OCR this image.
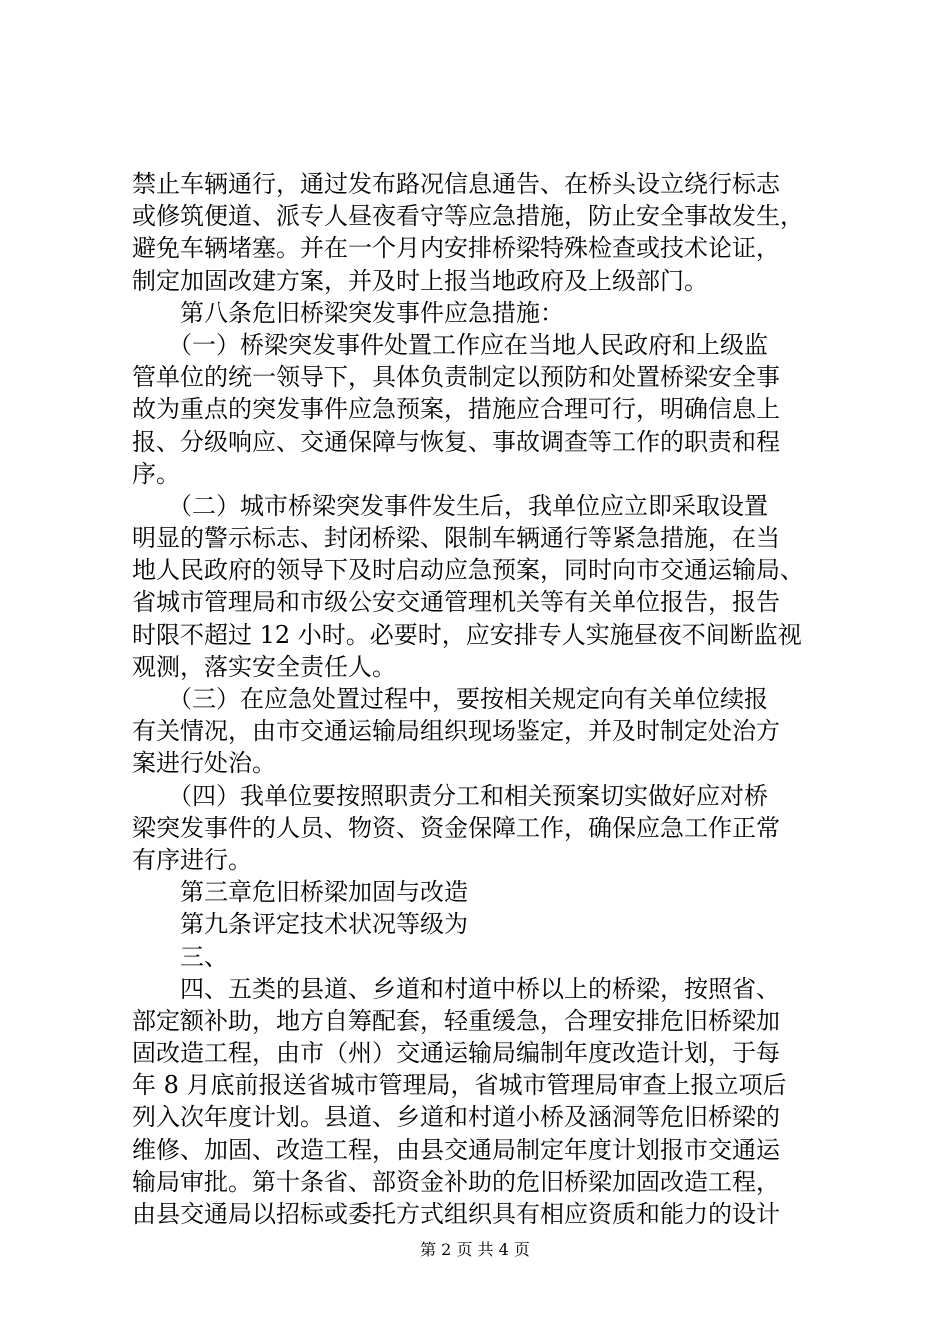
禁止车辆通行，通过发布路况信息通告、在桥头设立绕行标志
或修筑便道、派专人昼夜看守等应急措施，防止安全事故发生，
避免车辆堵塞。并在一个月内安排桥梁特殊检查或技术论证，
制定加固改建方案，并及时上报当地政府及上级部门。
　　第八条危旧桥梁突发事件应急措施：
　　（一）桥梁突发事件处置工作应在当地人民政府和上级监
管单位的统一领导下，具体负责制定以预防和处置桥梁安全事
故为重点的突发事件应急预案，措施应合理可行，明确信息上
报、分级响应、交通保障与恢复、事故调查等工作的职责和程
序。
　　（二）城市桥梁突发事件发生后，我单位应立即采取设置
明显的警示标志、封闭桥梁、限制车辆通行等紧急措施，在当
地人民政府的领导下及时启动应急预案，同时向市交通运输局、
省城市管理局和市级公安交通管理机关等有关单位报告，报告
时限不超过 12 小时。必要时，应安排专人实施昼夜不间断监视
观测，落实安全责任人。
　　（三）在应急处置过程中，要按相关规定向有关单位续报
有关情况，由市交通运输局组织现场鉴定，并及时制定处治方
案进行处治。
　　（四）我单位要按照职责分工和相关预案切实做好应对桥
梁突发事件的人员、物资、资金保障工作，确保应急工作正常
有序进行。
　　第三章危旧桥梁加固与改造
　　第九条评定技术状况等级为
　　三、
　　四、五类的县道、乡道和村道中桥以上的桥梁，按照省、
部定额补助，地方自筹配套，轻重缓急，合理安排危旧桥梁加
固改造工程，由市（州）交通运输局编制年度改造计划，于每
年 8 月底前报送省城市管理局，省城市管理局审查上报立项后
列入次年度计划。县道、乡道和村道小桥及涵洞等危旧桥梁的
维修、加固、改造工程，由县交通局制定年度计划报市交通运
输局审批。第十条省、部资金补助的危旧桥梁加固改造工程，
由县交通局以招标或委托方式组织具有相应资质和能力的设计
第 2 页 共 4 页
